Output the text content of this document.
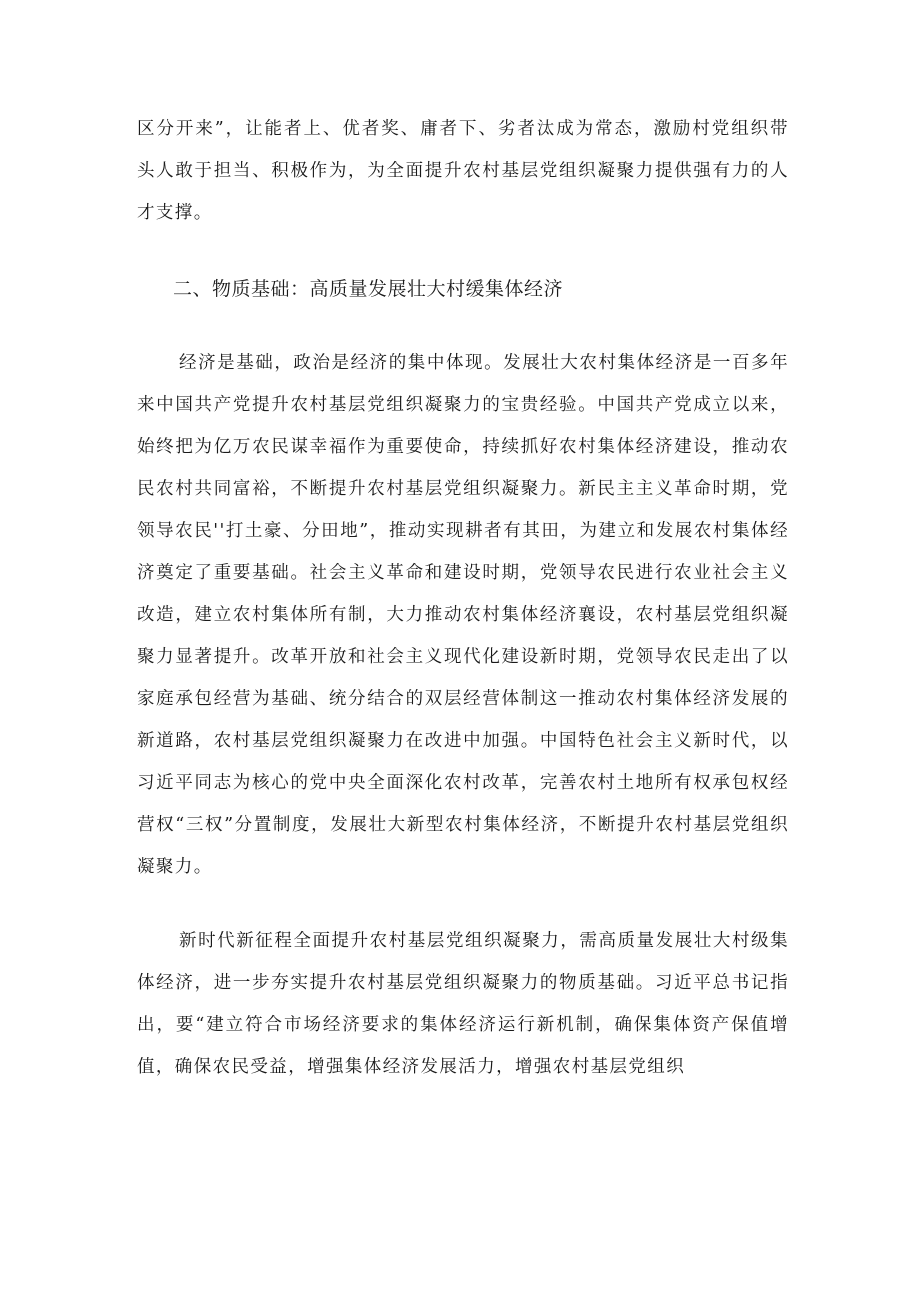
区分开来”，让能者上、优者奖、庸者下、劣者汰成为常态，激励村党组织带头人敢于担当、积极作为，为全面提升农村基层党组织凝聚力提供强有力的人才支撑。

二、物质基础：高质量发展壮大村缓集体经济

经济是基础，政治是经济的集中体现。发展壮大农村集体经济是一百多年来中国共产党提升农村基层党组织凝聚力的宝贵经验。中国共产党成立以来，始终把为亿万农民谋幸福作为重要使命，持续抓好农村集体经济建设，推动农民农村共同富裕，不断提升农村基层党组织凝聚力。新民主主义革命时期，党领导农民''打土豪、分田地”，推动实现耕者有其田，为建立和发展农村集体经济奠定了重要基础。社会主义革命和建设时期，党领导农民进行农业社会主义改造，建立农村集体所有制，大力推动农村集体经济襄设，农村基层党组织凝聚力显著提升。改革开放和社会主义现代化建设新时期，党领导农民走出了以家庭承包经营为基础、统分结合的双层经营体制这一推动农村集体经济发展的新道路，农村基层党组织凝聚力在改进中加强。中国特色社会主义新时代，以习近平同志为核心的党中央全面深化农村改革，完善农村土地所有权承包权经营权“三权”分置制度，发展壮大新型农村集体经济，不断提升农村基层党组织凝聚力。

新时代新征程全面提升农村基层党组织凝聚力，需高质量发展壮大村级集体经济，进一步夯实提升农村基层党组织凝聚力的物质基础。习近平总书记指出，要“建立符合市场经济要求的集体经济运行新机制，确保集体资产保值增值，确保农民受益，增强集体经济发展活力，增强农村基层党组织
